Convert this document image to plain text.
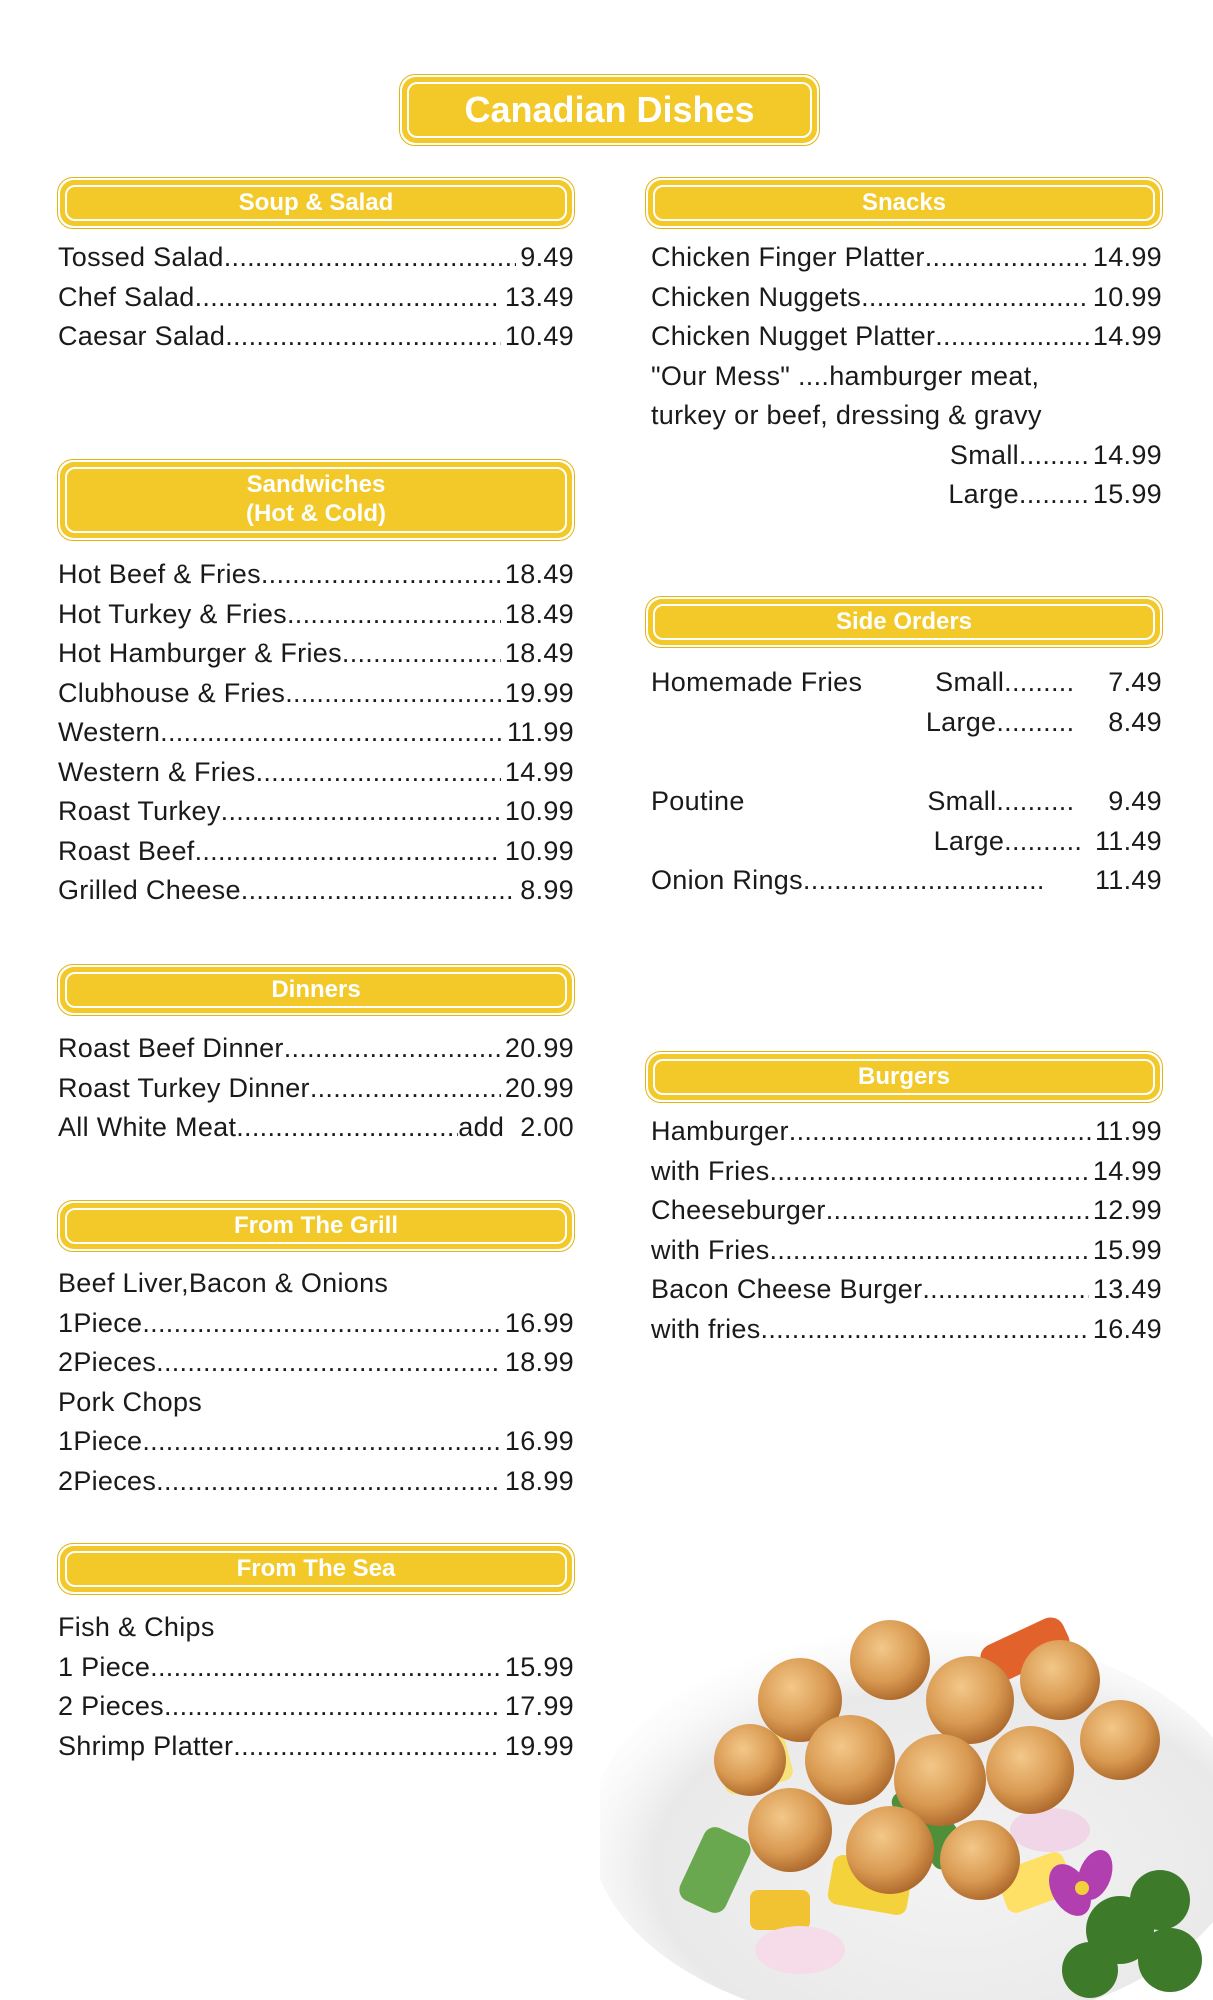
Canadian Dishes
Soup & Salad
Tossed Salad .....	9.49
Chef Salad .....	13.49
Caesar Salad .....	10.49
Sandwiches
(Hot & Cold)
Hot Beef & Fries .....	18.49
Hot Turkey & Fries .....	18.49
Hot Hamburger & Fries .....	18.49
Clubhouse & Fries .....	19.99
Western .....	11.99
Western & Fries .....	14.99
Roast Turkey .....	10.99
Roast Beef .....	10.99
Grilled Cheese .....	8.99
Dinners
Roast Beef Dinner .....	20.99
Roast Turkey Dinner .....	20.99
All White Meat .....	add 2.00
From The Grill
Beef Liver,Bacon & Onions
1Piece .....	16.99
2Pieces .....	18.99
Pork Chops
1Piece .....	16.99
2Pieces .....	18.99
From The Sea
Fish & Chips
1 Piece .....	15.99
2 Pieces .....	17.99
Shrimp Platter .....	19.99
Snacks
Chicken Finger Platter .....	14.99
Chicken Nuggets .....	10.99
Chicken Nugget Platter .....	14.99
"Our Mess" ....hamburger meat,
turkey or beef, dressing & gravy
Small .....	14.99
Large .....	15.99
Side Orders
Homemade Fries	Small.........  7.49
Large..........  8.49
Poutine	Small..........  9.49
Large.......... 11.49
Onion Rings .....	11.49
Burgers
Hamburger .....	11.99
with Fries .....	14.99
Cheeseburger .....	12.99
with Fries .....	15.99
Bacon Cheese Burger .....	13.49
with fries .....	16.49
